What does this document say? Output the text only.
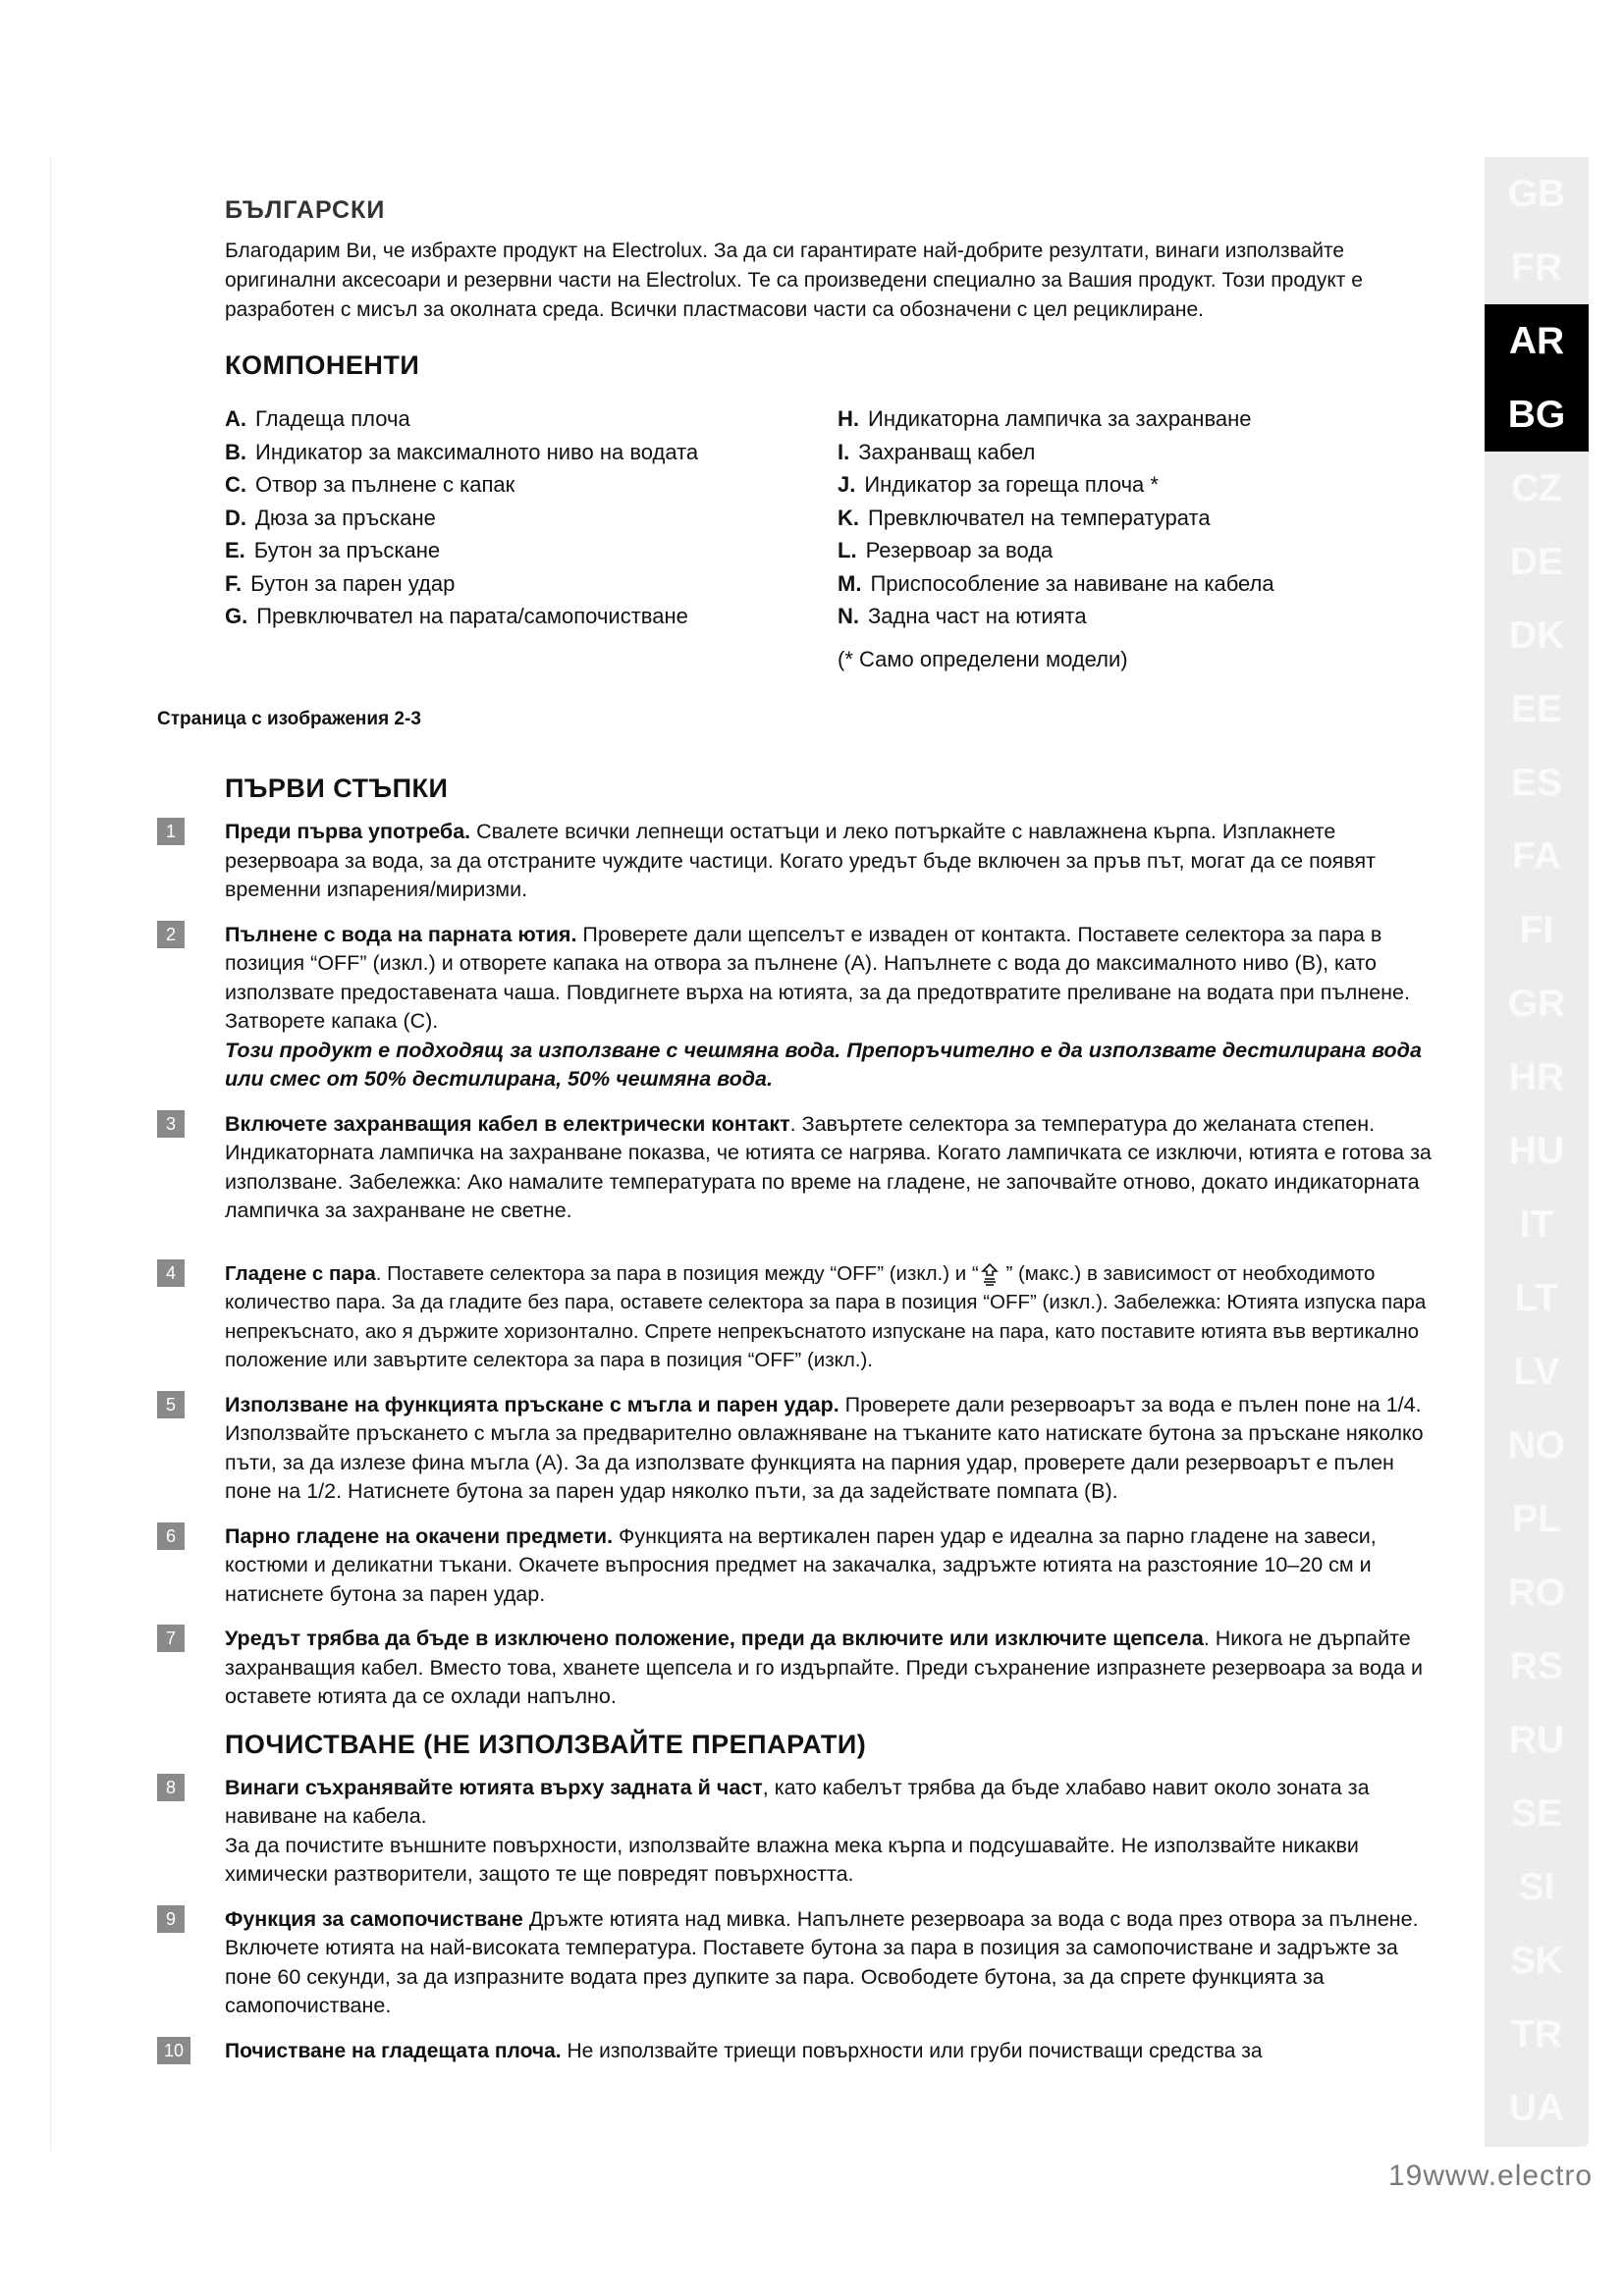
БЪЛГАРСКИ

Благодарим Ви, че избрахте продукт на Electrolux. За да си гарантирате най-добрите резултати, винаги използвайте оригинални аксесоари и резервни части на Electrolux. Те са произведени специално за Вашия продукт. Този продукт е разработен с мисъл за околната среда. Всички пластмасови части са обозначени с цел рециклиране.

КОМПОНЕНТИ
A. Гладеща плоча
B. Индикатор за максималното ниво на водата
C. Отвор за пълнене с капак
D. Дюза за пръскане
E. Бутон за пръскане
F. Бутон за парен удар
G. Превключвател на парата/самопочистване
H. Индикаторна лампичка за захранване
I. Захранващ кабел
J. Индикатор за гореща плоча *
K. Превключвател на температурата
L. Резервоар за вода
M. Приспособление за навиване на кабела
N. Задна част на ютията
(* Само определени модели)
Страница с изображения 2-3
ПЪРВИ СТЪПКИ
1	Преди първа употреба. Свалете всички лепнещи остатъци и леко потъркайте с навлажнена кърпа. Изплакнете резервоара за вода, за да отстраните чуждите частици. Когато уредът бъде включен за пръв път, могат да се появят временни изпарения/миризми.

2	Пълнене с вода на парната ютия. Проверете дали щепселът е изваден от контакта. Поставете селектора за пара в позиция “OFF” (изкл.) и отворете капака на отвора за пълнене (A). Напълнете с вода до максималното ниво (B), като използвате предоставената чаша. Повдигнете върха на ютията, за да предотвратите преливане на водата при пълнене. Затворете капака (C).

Този продукт е подходящ за използване с чешмяна вода. Препоръчително е да използвате дестилирана вода или смес от 50% дестилирана, 50% чешмяна вода.

3	Включете захранващия кабел в електрически контакт. Завъртете селектора за температура до желаната степен. Индикаторната лампичка на захранване показва, че ютията се нагрява. Когато лампичката се изключи, ютията е готова за използване. Забележка: Ако намалите температурата по време на гладене, не започвайте отново, докато индикаторната лампичка за захранване не светне.

4	Гладене с пара. Поставете селектора за пара в позиция между “OFF” (изкл.) и “ ” (макс.) в зависимост от необходимото количество пара. За да гладите без пара, оставете селектора за пара в позиция “OFF” (изкл.). Забележка: Ютията изпуска пара непрекъснато, ако я държите хоризонтално. Спрете непрекъснатото изпускане на пара, като поставите ютията във вертикално положение или завъртите селектора за пара в позиция “OFF” (изкл.).

5	Използване на функцията пръскане с мъгла и парен удар. Проверете дали резервоарът за вода е пълен поне на 1/4. Използвайте пръскането с мъгла за предварително овлажняване на тъканите като натискате бутона за пръскане няколко пъти, за да излезе фина мъгла (A). За да използвате функцията на парния удар, проверете дали резервоарът е пълен поне на 1/2. Натиснете бутона за парен удар няколко пъти, за да задействате помпата (B).

6	Парно гладене на окачени предмети. Функцията на вертикален парен удар е идеална за парно гладене на завеси, костюми и деликатни тъкани. Окачете въпросния предмет на закачалка, задръжте ютията на разстояние 10–20 см и натиснете бутона за парен удар.

7	Уредът трябва да бъде в изключено положение, преди да включите или изключите щепсела. Никога не дърпайте захранващия кабел. Вместо това, хванете щепсела и го издърпайте. Преди съхранение изпразнете резервоара за вода и оставете ютията да се охлади напълно.

ПОЧИСТВАНЕ (НЕ ИЗПОЛЗВАЙТЕ ПРЕПАРАТИ)
8	Винаги съхранявайте ютията върху задната й част, като кабелът трябва да бъде хлабаво навит около зоната за навиване на кабела.

За да почистите външните повърхности, използвайте влажна мека кърпа и подсушавайте. Не използвайте никакви химически разтворители, защото те ще повредят повърхността.

9	Функция за самопочистване Дръжте ютията над мивка. Напълнете резервоара за вода с вода през отвора за пълнене. Включете ютията на най-високата температура. Поставете бутона за пара в позиция за самопочистване и задръжте за поне 60 секунди, за да изпразните водата през дупките за пара. Освободете бутона, за да спрете функцията за самопочистване.

10	Почистване на гладещата плоча. Не използвайте триещи повърхности или груби почистващи средства за

GB
FR
AR
BG
CZ
DE
DK
EE
ES
FA
FI
GR
HR
HU
IT
LT
LV
NO
PL
RO
RS
RU
SE
SI
SK
TR
UA
19www.electro
